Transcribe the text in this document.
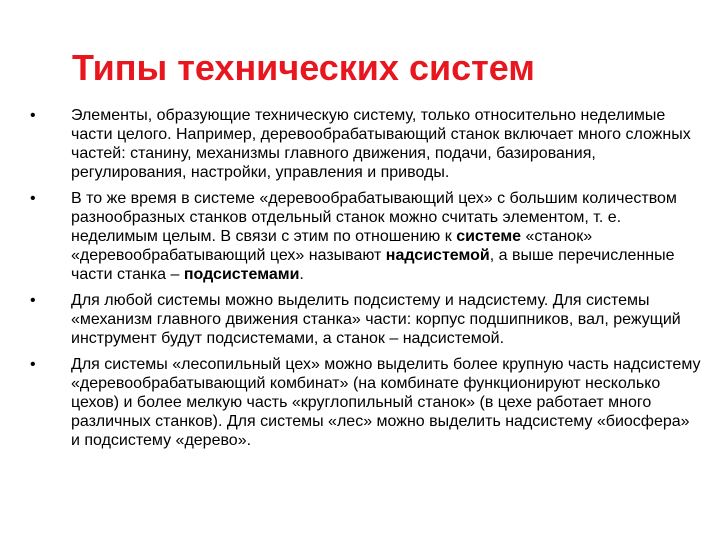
Типы технических систем
• Элементы, образующие техническую систему, только относительно неделимые части целого. Например, деревообрабатывающий станок включает много сложных частей: станину, механизмы главного движения, подачи, базирования, регулирования, настройки, управления и приводы.
• В то же время в системе «деревообрабатывающий цех» с большим количеством разнообразных станков отдельный станок можно считать элементом, т. е. неделимым целым. В связи с этим по отношению к системе «станок» «деревообрабатывающий цех» называют надсистемой, а выше перечисленные части станка – подсистемами.
• Для любой системы можно выделить подсистему и надсистему. Для системы «механизм главного движения станка» части: корпус подшипников, вал, режущий инструмент будут подсистемами, а станок – надсистемой.
• Для системы «лесопильный цех» можно выделить более крупную часть надсистему «деревообрабатывающий комбинат» (на комбинате функционируют несколько цехов) и более мелкую часть «круглопильный станок» (в цехе работает много различных станков). Для системы «лес» можно выделить надсистему «биосфера» и подсистему «дерево».
